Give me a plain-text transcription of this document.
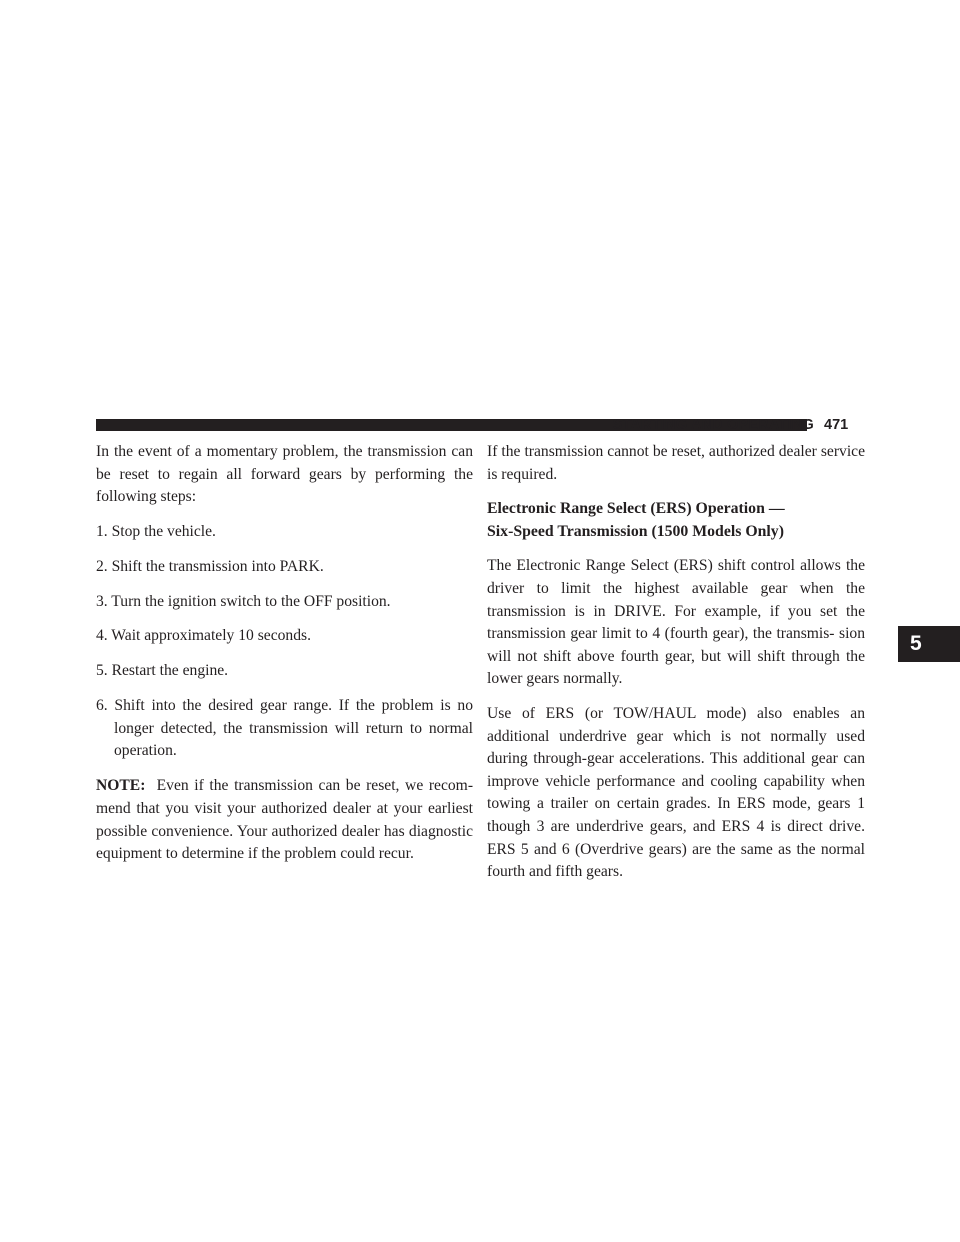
STARTING AND OPERATING 471
5

In the event of a momentary problem, the transmission can be reset to regain all forward gears by performing the following steps:

1. Stop the vehicle.

2. Shift the transmission into PARK.

3. Turn the ignition switch to the OFF position.

4. Wait approximately 10 seconds.

5. Restart the engine.

6. Shift into the desired gear range. If the problem is no longer detected, the transmission will return to normal operation.

NOTE: Even if the transmission can be reset, we recom- mend that you visit your authorized dealer at your earliest possible convenience. Your authorized dealer has diagnostic equipment to determine if the problem could recur.

If the transmission cannot be reset, authorized dealer service is required.

Electronic Range Select (ERS) Operation —
Six-Speed Transmission (1500 Models Only)

The Electronic Range Select (ERS) shift control allows the driver to limit the highest available gear when the transmission is in DRIVE. For example, if you set the transmission gear limit to 4 (fourth gear), the transmis- sion will not shift above fourth gear, but will shift through the lower gears normally.

Use of ERS (or TOW/HAUL mode) also enables an additional underdrive gear which is not normally used during through-gear accelerations. This additional gear can improve vehicle performance and cooling capability when towing a trailer on certain grades. In ERS mode, gears 1 though 3 are underdrive gears, and ERS 4 is direct drive. ERS 5 and 6 (Overdrive gears) are the same as the normal fourth and fifth gears.
